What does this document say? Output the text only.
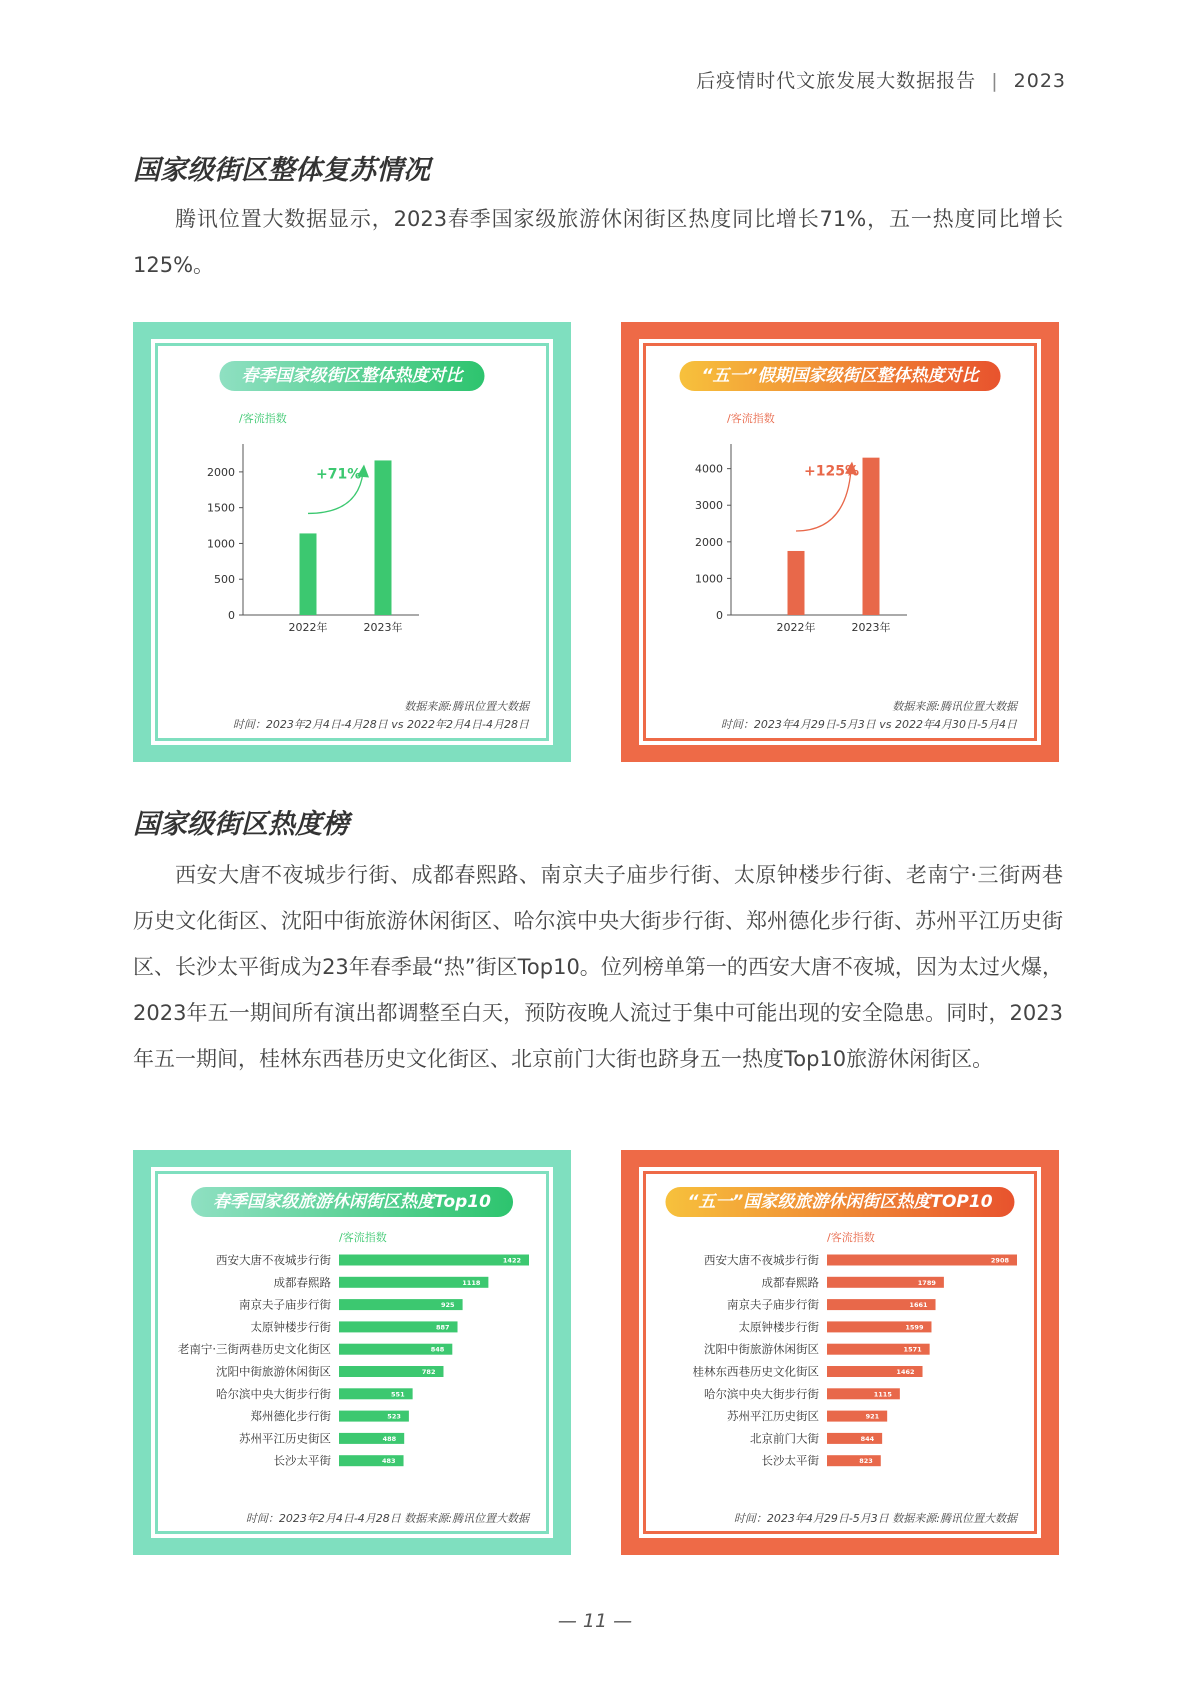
后疫情时代文旅发展大数据报告 | 2023
国家级街区整体复苏情况

腾讯位置大数据显示，2023春季国家级旅游休闲街区热度同比增长71%，五一热度同比增长125%。

春季国家级街区整体热度对比
/客流指数
0
500
1000
1500
2000
2022年	2023年
+71%
数据来源:腾讯位置大数据
时间：2023年2月4日-4月28日 vs 2022年2月4日-4月28日
“五一”假期国家级街区整体热度对比
/客流指数
0
1000
2000
3000
4000
2022年	2023年
+125%
数据来源:腾讯位置大数据
时间：2023年4月29日-5月3日 vs 2022年4月30日-5月4日
国家级街区热度榜

西安大唐不夜城步行街、成都春熙路、南京夫子庙步行街、太原钟楼步行街、老南宁·三街两巷历史文化街区、沈阳中街旅游休闲街区、哈尔滨中央大街步行街、郑州德化步行街、苏州平江历史街区、长沙太平街成为23年春季最“热”街区Top10。位列榜单第一的西安大唐不夜城，因为太过火爆，2023年五一期间所有演出都调整至白天，预防夜晚人流过于集中可能出现的安全隐患。同时，2023年五一期间，桂林东西巷历史文化街区、北京前门大街也跻身五一热度Top10旅游休闲街区。

春季国家级旅游休闲街区热度Top10
/客流指数
西安大唐不夜城步行街	1422
成都春熙路	1118
南京夫子庙步行街	925
太原钟楼步行街	887
老南宁·三街两巷历史文化街区	848
沈阳中街旅游休闲街区	782
哈尔滨中央大街步行街	551
郑州德化步行街	523
苏州平江历史街区	488
长沙太平街	483
时间：2023年2月4日-4月28日 数据来源:腾讯位置大数据
“五一”国家级旅游休闲街区热度TOP10
/客流指数
西安大唐不夜城步行街	2908
成都春熙路	1789
南京夫子庙步行街	1661
太原钟楼步行街	1599
沈阳中街旅游休闲街区	1571
桂林东西巷历史文化街区	1462
哈尔滨中央大街步行街	1115
苏州平江历史街区	921
北京前门大街	844
长沙太平街	823
时间：2023年4月29日-5月3日 数据来源:腾讯位置大数据
— 11 —
